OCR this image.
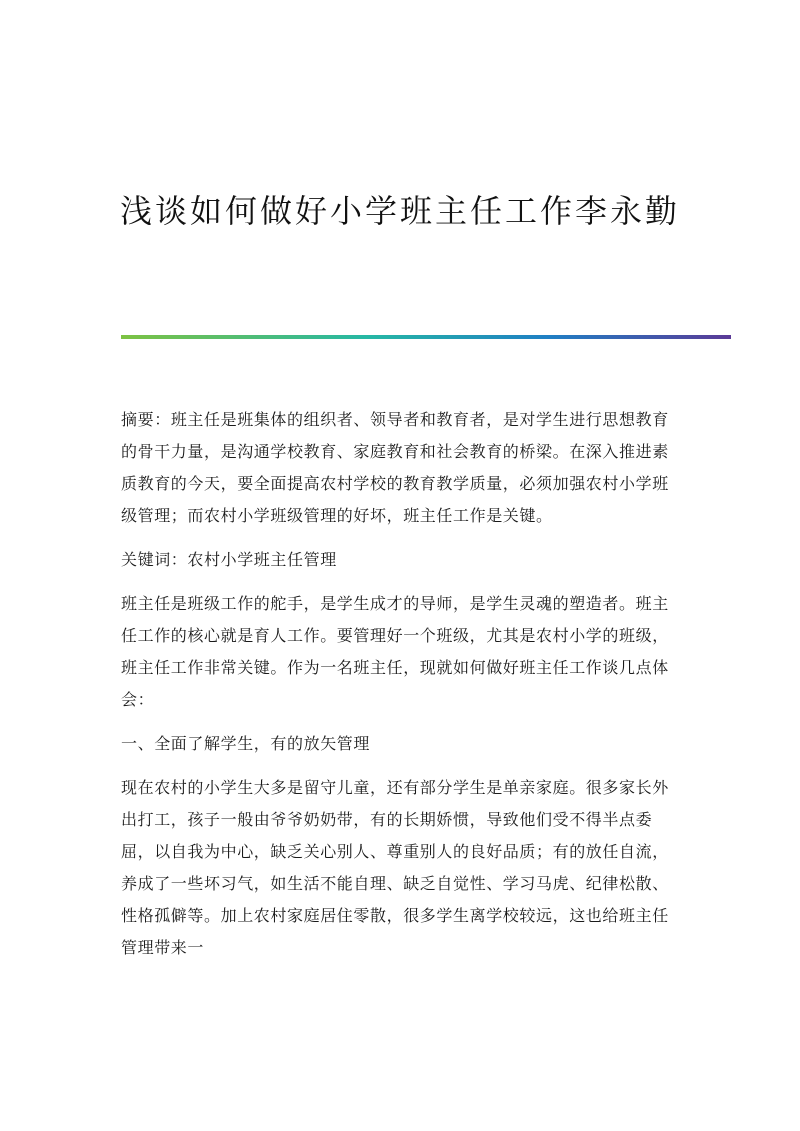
浅谈如何做好小学班主任工作李永勤

摘要：班主任是班集体的组织者、领导者和教育者，是对学生进行思想教育的骨干力量，是沟通学校教育、家庭教育和社会教育的桥梁。在深入推进素质教育的今天，要全面提高农村学校的教育教学质量，必须加强农村小学班级管理；而农村小学班级管理的好坏，班主任工作是关键。

关键词：农村小学班主任管理

班主任是班级工作的舵手，是学生成才的导师，是学生灵魂的塑造者。班主任工作的核心就是育人工作。要管理好一个班级，尤其是农村小学的班级，班主任工作非常关键。作为一名班主任，现就如何做好班主任工作谈几点体会：

一、全面了解学生，有的放矢管理

现在农村的小学生大多是留守儿童，还有部分学生是单亲家庭。很多家长外出打工，孩子一般由爷爷奶奶带，有的长期娇惯，导致他们受不得半点委屈，以自我为中心，缺乏关心别人、尊重别人的良好品质；有的放任自流，养成了一些坏习气，如生活不能自理、缺乏自觉性、学习马虎、纪律松散、性格孤僻等。加上农村家庭居住零散，很多学生离学校较远，这也给班主任管理带来一
